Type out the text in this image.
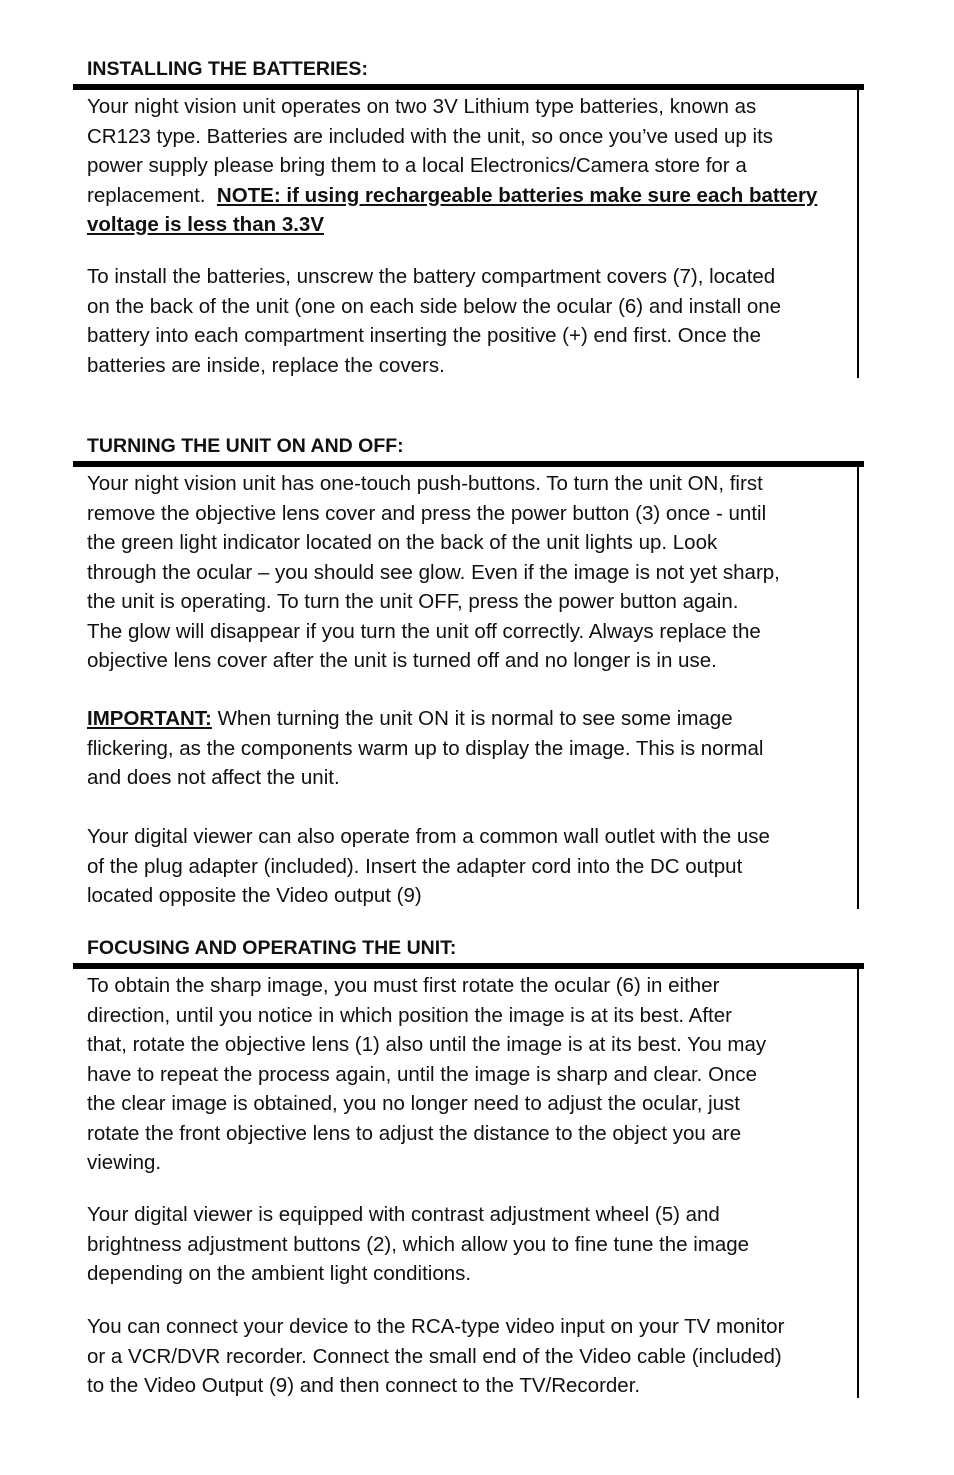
INSTALLING THE BATTERIES:
Your night vision unit operates on two 3V Lithium type batteries, known as
CR123 type. Batteries are included with the unit, so once you’ve used up its
power supply please bring them to a local Electronics/Camera store for a
replacement.  NOTE: if using rechargeable batteries make sure each battery
voltage is less than 3.3V
To install the batteries, unscrew the battery compartment covers (7), located
on the back of the unit (one on each side below the ocular (6) and install one
battery into each compartment inserting the positive (+) end first. Once the
batteries are inside, replace the covers.
TURNING THE UNIT ON AND OFF:
Your night vision unit has one-touch push-buttons. To turn the unit ON, first
remove the objective lens cover and press the power button (3) once - until
the green light indicator located on the back of the unit lights up. Look
through the ocular – you should see glow. Even if the image is not yet sharp,
the unit is operating. To turn the unit OFF, press the power button again.
The glow will disappear if you turn the unit off correctly. Always replace the
objective lens cover after the unit is turned off and no longer is in use.
IMPORTANT: When turning the unit ON it is normal to see some image
flickering, as the components warm up to display the image. This is normal
and does not affect the unit.
Your digital viewer can also operate from a common wall outlet with the use
of the plug adapter (included). Insert the adapter cord into the DC output
located opposite the Video output (9)
FOCUSING AND OPERATING THE UNIT:
To obtain the sharp image, you must first rotate the ocular (6) in either
direction, until you notice in which position the image is at its best. After
that, rotate the objective lens (1) also until the image is at its best. You may
have to repeat the process again, until the image is sharp and clear. Once
the clear image is obtained, you no longer need to adjust the ocular, just
rotate the front objective lens to adjust the distance to the object you are
viewing.
Your digital viewer is equipped with contrast adjustment wheel (5) and
brightness adjustment buttons (2), which allow you to fine tune the image
depending on the ambient light conditions.
You can connect your device to the RCA-type video input on your TV monitor
or a VCR/DVR recorder. Connect the small end of the Video cable (included)
to the Video Output (9) and then connect to the TV/Recorder.
